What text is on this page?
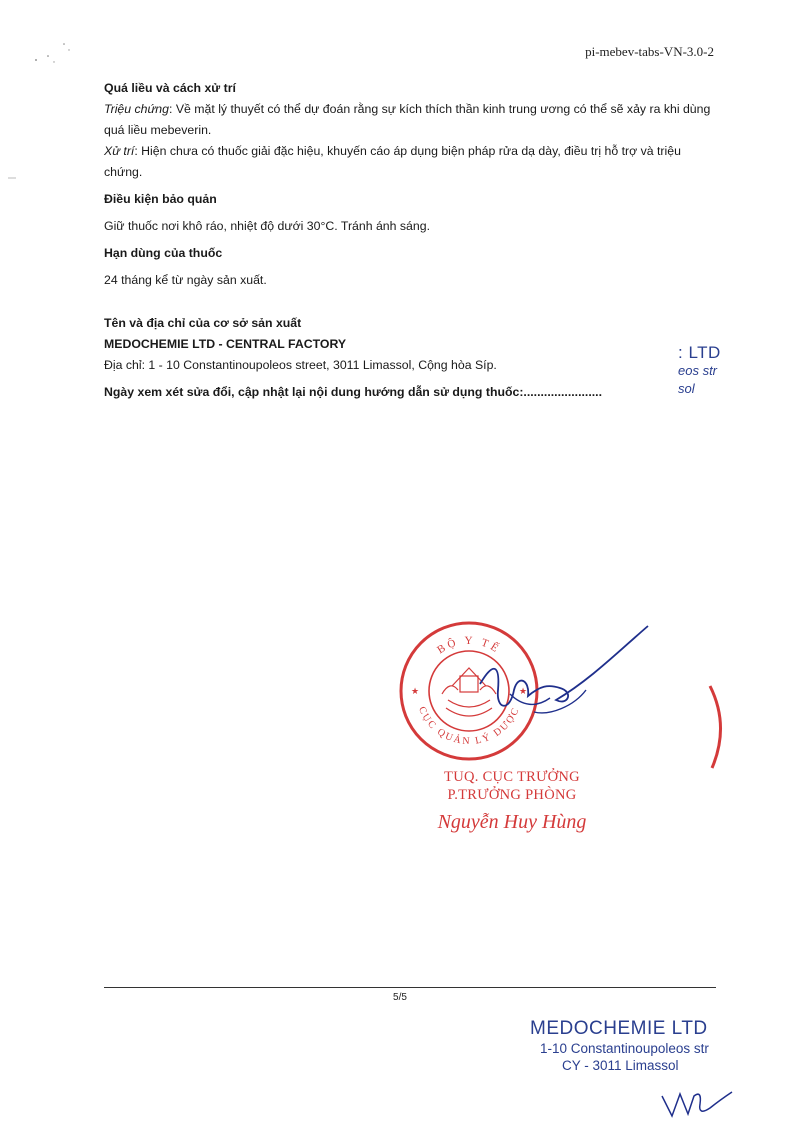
pi-mebev-tabs-VN-3.0-2

Quá liều và cách xử trí

Triệu chứng: Về mặt lý thuyết có thể dự đoán rằng sự kích thích thần kinh trung ương có thể sẽ xảy ra khi dùng

quá liều mebeverin.

Xử trí: Hiện chưa có thuốc giải đặc hiệu, khuyến cáo áp dụng biện pháp rửa dạ dày, điều trị hỗ trợ và triệu

chứng.

Điều kiện bảo quản

Giữ thuốc nơi khô ráo, nhiệt độ dưới 30°C. Tránh ánh sáng.

Hạn dùng của thuốc

24 tháng kể từ ngày sản xuất.

Tên và địa chỉ của cơ sở sản xuất

MEDOCHEMIE LTD - CENTRAL FACTORY

Địa chỉ: 1 - 10 Constantinoupoleos street, 3011 Limassol, Cộng hòa Síp.

Ngày xem xét sửa đổi, cập nhật lại nội dung hướng dẫn sử dụng thuốc:.......................

: LTD
eos str
sol
BỘ Y TẾ
CỤC QUẢN LÝ DƯỢC
★	★
TUQ. CỤC TRƯỞNG
P.TRƯỞNG PHÒNG
Nguyễn Huy Hùng
5/5
MEDOCHEMIE LTD
1-10 Constantinoupoleos str
CY - 3011 Limassol
